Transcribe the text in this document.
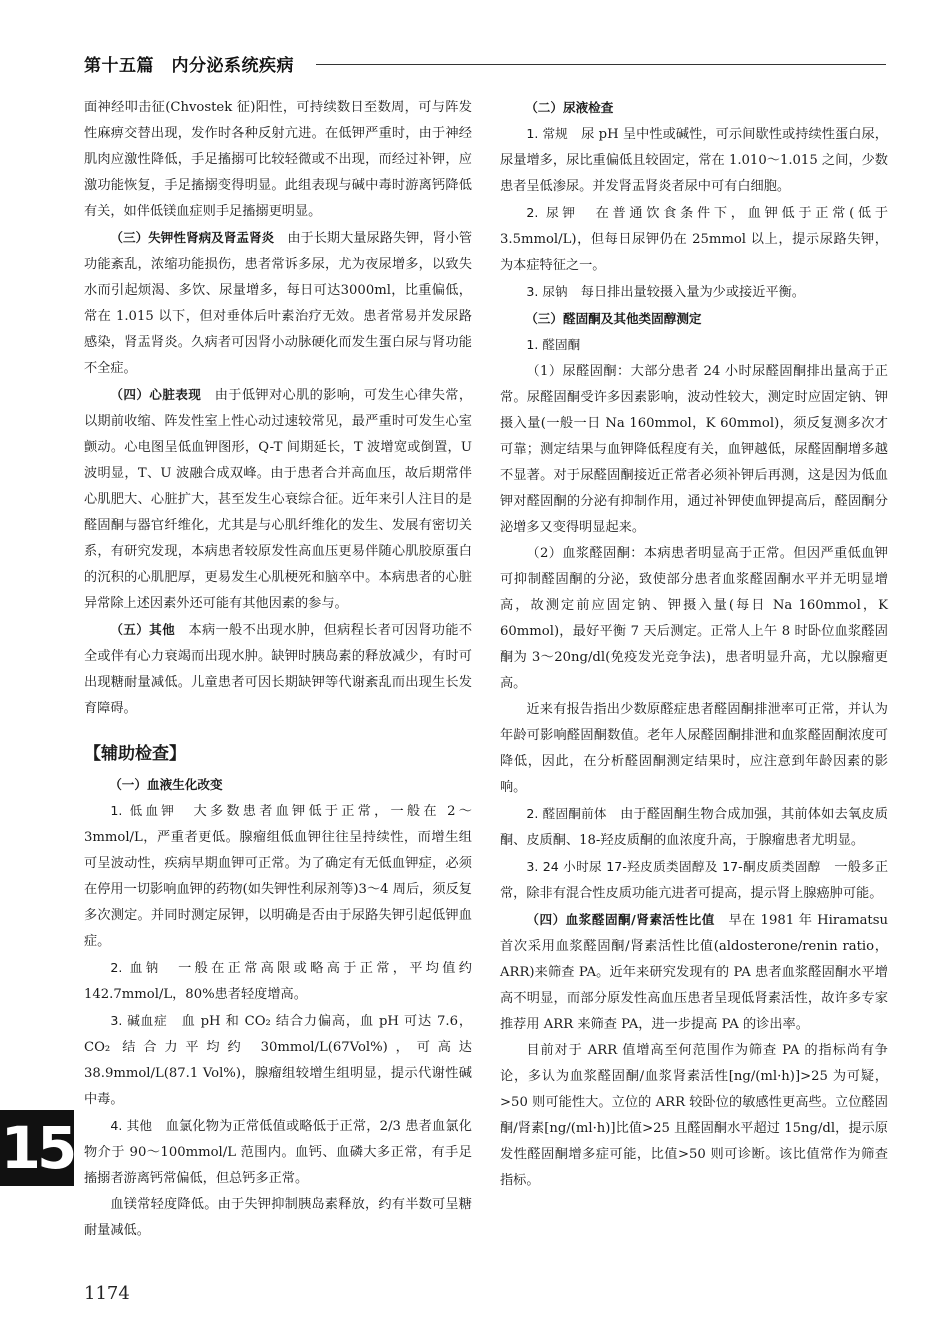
第十五篇　内分泌系统疾病

面神经叩击征(Chvostek 征)阳性，可持续数日至数周，可与阵发性麻痹交替出现，发作时各种反射亢进。在低钾严重时，由于神经肌肉应激性降低，手足搐搦可比较轻微或不出现，而经过补钾，应激功能恢复，手足搐搦变得明显。此组表现与碱中毒时游离钙降低有关，如伴低镁血症则手足搐搦更明显。

（三）失钾性肾病及肾盂肾炎　 由于长期大量尿路失钾，肾小管功能紊乱，浓缩功能损伤，患者常诉多尿，尤为夜尿增多，以致失水而引起烦渴、多饮、尿量增多，每日可达3000ml，比重偏低，常在 1.015 以下，但对垂体后叶素治疗无效。患者常易并发尿路感染，肾盂肾炎。久病者可因肾小动脉硬化而发生蛋白尿与肾功能不全症。

（四）心脏表现　 由于低钾对心肌的影响，可发生心律失常，以期前收缩、阵发性室上性心动过速较常见，最严重时可发生心室颤动。心电图呈低血钾图形，Q-T 间期延长，T 波增宽或倒置，U 波明显，T、U 波融合成双峰。由于患者合并高血压，故后期常伴心肌肥大、心脏扩大，甚至发生心衰综合征。近年来引人注目的是醛固酮与器官纤维化，尤其是与心肌纤维化的发生、发展有密切关系，有研究发现，本病患者较原发性高血压更易伴随心肌胶原蛋白的沉积的心肌肥厚，更易发生心肌梗死和脑卒中。本病患者的心脏异常除上述因素外还可能有其他因素的参与。

（五）其他　 本病一般不出现水肿，但病程长者可因肾功能不全或伴有心力衰竭而出现水肿。缺钾时胰岛素的释放减少，有时可出现糖耐量减低。儿童患者可因长期缺钾等代谢紊乱而出现生长发育障碍。

【辅助检查】
（一）血液生化改变

1. 低血钾　 大多数患者血钾低于正常，一般在 2～3mmol/L，严重者更低。腺瘤组低血钾往往呈持续性，而增生组可呈波动性，疾病早期血钾可正常。为了确定有无低血钾症，必须在停用一切影响血钾的药物(如失钾性利尿剂等)3～4 周后，须反复多次测定。并同时测定尿钾，以明确是否由于尿路失钾引起低钾血症。

2. 血钠　 一般在正常高限或略高于正常，平均值约 142.7mmol/L，80%患者轻度增高。

3. 碱血症　 血 pH 和 CO₂ 结合力偏高，血 pH 可达 7.6，CO₂ 结合力平均约 30mmol/L(67Vol%)，可高达 38.9mmol/L(87.1 Vol%)，腺瘤组较增生组明显，提示代谢性碱中毒。

4. 其他　 血氯化物为正常低值或略低于正常，2/3 患者血氯化物介于 90～100mmol/L 范围内。血钙、血磷大多正常，有手足搐搦者游离钙常偏低，但总钙多正常。

血镁常轻度降低。由于失钾抑制胰岛素释放，约有半数可呈糖耐量减低。

（二）尿液检查

1. 常规　 尿 pH 呈中性或碱性，可示间歇性或持续性蛋白尿，尿量增多，尿比重偏低且较固定，常在 1.010～1.015 之间，少数患者呈低渗尿。并发肾盂肾炎者尿中可有白细胞。

2. 尿钾　 在普通饮食条件下，血钾低于正常(低于 3.5mmol/L)，但每日尿钾仍在 25mmol 以上，提示尿路失钾，为本症特征之一。

3. 尿钠　 每日排出量较摄入量为少或接近平衡。

（三）醛固酮及其他类固醇测定

1. 醛固酮

（1）尿醛固酮：大部分患者 24 小时尿醛固酮排出量高于正常。尿醛固酮受许多因素影响，波动性较大，测定时应固定钠、钾摄入量(一般一日 Na 160mmol，K 60mmol)，须反复测多次才可靠；测定结果与血钾降低程度有关，血钾越低，尿醛固酮增多越不显著。对于尿醛固酮接近正常者必须补钾后再测，这是因为低血钾对醛固酮的分泌有抑制作用，通过补钾使血钾提高后，醛固酮分泌增多又变得明显起来。

（2）血浆醛固酮：本病患者明显高于正常。但因严重低血钾可抑制醛固酮的分泌，致使部分患者血浆醛固酮水平并无明显增高，故测定前应固定钠、钾摄入量(每日 Na 160mmol，K 60mmol)，最好平衡 7 天后测定。正常人上午 8 时卧位血浆醛固酮为 3～20ng/dl(免疫发光竞争法)，患者明显升高，尤以腺瘤更高。

近来有报告指出少数原醛症患者醛固酮排泄率可正常，并认为年龄可影响醛固酮数值。老年人尿醛固酮排泄和血浆醛固酮浓度可降低，因此，在分析醛固酮测定结果时，应注意到年龄因素的影响。

2. 醛固酮前体　 由于醛固酮生物合成加强，其前体如去氧皮质酮、皮质酮、18-羟皮质酮的血浓度升高，于腺瘤患者尤明显。

3. 24 小时尿 17-羟皮质类固醇及 17-酮皮质类固醇　 一般多正常，除非有混合性皮质功能亢进者可提高，提示肾上腺癌肿可能。

（四）血浆醛固酮/肾素活性比值　 早在 1981 年 Hiramatsu 首次采用血浆醛固酮/肾素活性比值(aldosterone/renin ratio，ARR)来筛查 PA。近年来研究发现有的 PA 患者血浆醛固酮水平增高不明显，而部分原发性高血压患者呈现低肾素活性，故许多专家推荐用 ARR 来筛查 PA，进一步提高 PA 的诊出率。

目前对于 ARR 值增高至何范围作为筛查 PA 的指标尚有争论，多认为血浆醛固酮/血浆肾素活性[ng/(ml·h)]>25 为可疑，>50 则可能性大。立位的 ARR 较卧位的敏感性更高些。立位醛固酮/肾素[ng/(ml·h)]比值>25 且醛固酮水平超过 15ng/dl，提示原发性醛固酮增多症可能，比值>50 则可诊断。该比值常作为筛查指标。

15
1174
